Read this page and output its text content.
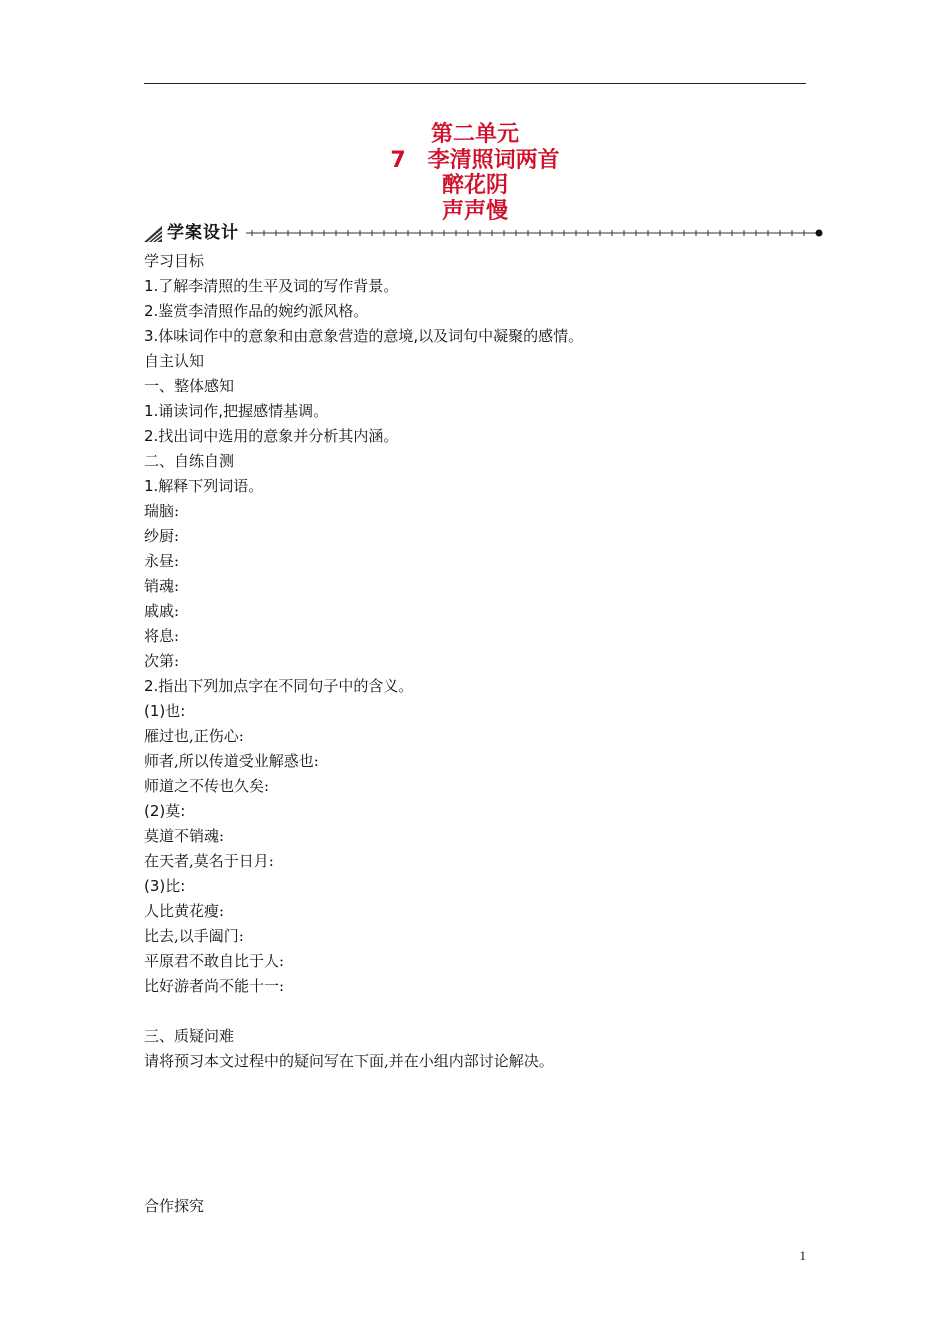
第二单元
7　李清照词两首
醉花阴
声声慢
学案设计
学习目标
1.了解李清照的生平及词的写作背景。
2.鉴赏李清照作品的婉约派风格。
3.体味词作中的意象和由意象营造的意境,以及词句中凝聚的感情。
自主认知
一、整体感知
1.诵读词作,把握感情基调。
2.找出词中选用的意象并分析其内涵。
二、自练自测
1.解释下列词语。
瑞脑:
纱厨:
永昼:
销魂:
戚戚:
将息:
次第:
2.指出下列加点字在不同句子中的含义。
(1)也:
雁过也,正伤心:
师者,所以传道受业解惑也:
师道之不传也久矣:
(2)莫:
莫道不销魂:
在天者,莫名于日月:
(3)比:
人比黄花瘦:
比去,以手阖门:
平原君不敢自比于人:
比好游者尚不能十一:
三、质疑问难
请将预习本文过程中的疑问写在下面,并在小组内部讨论解决。
合作探究
1
